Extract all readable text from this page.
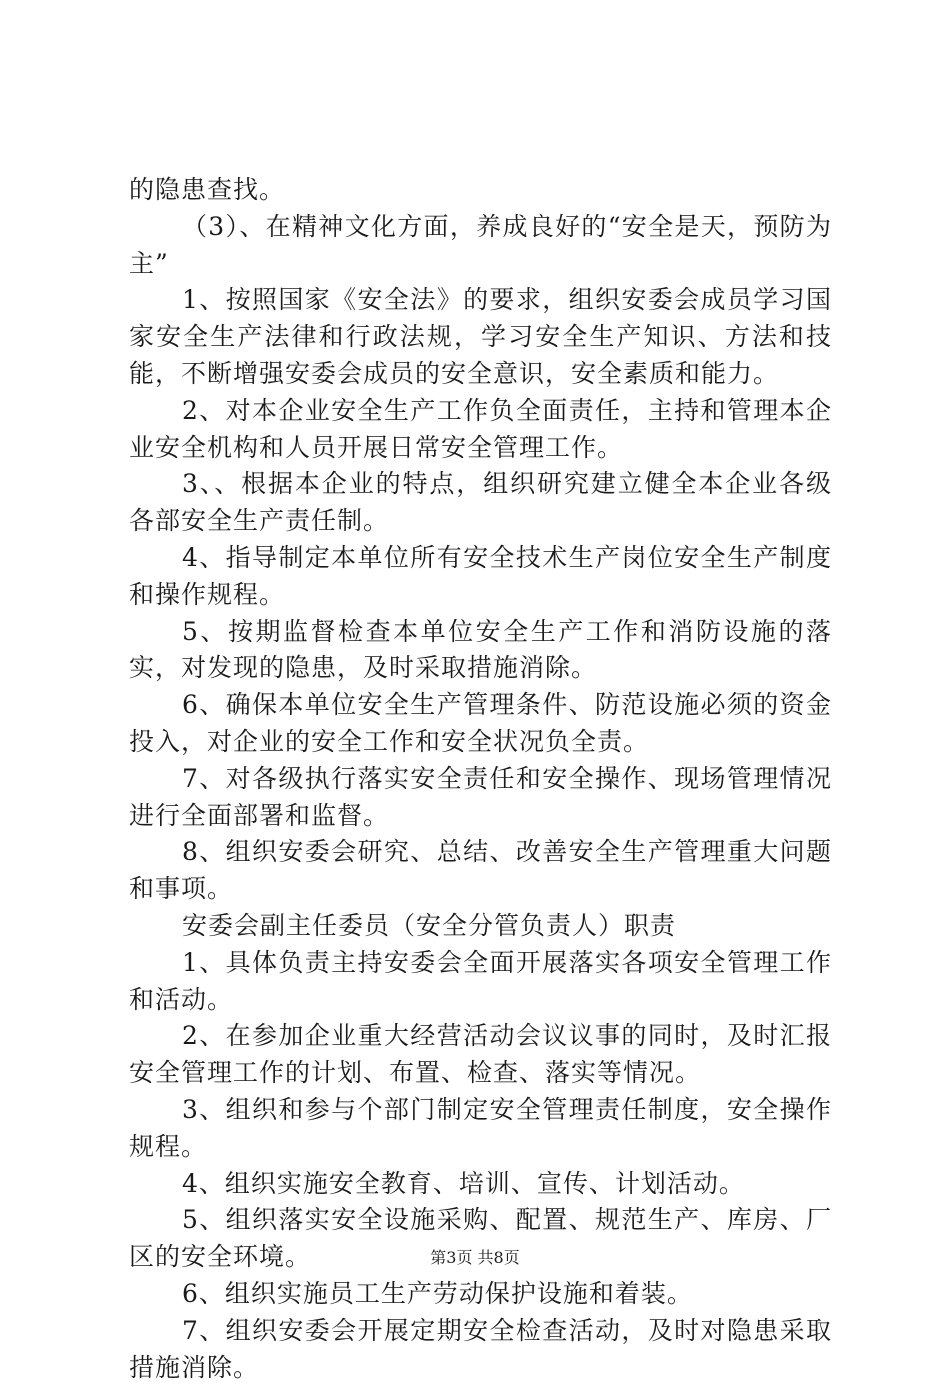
的隐患查找。

（3）、在精神文化方面，养成良好的“安全是天，预防为主”

1、按照国家《安全法》的要求，组织安委会成员学习国家安全生产法律和行政法规，学习安全生产知识、方法和技能，不断增强安委会成员的安全意识，安全素质和能力。

2、对本企业安全生产工作负全面责任，主持和管理本企业安全机构和人员开展日常安全管理工作。

3、、根据本企业的特点，组织研究建立健全本企业各级各部安全生产责任制。

4、指导制定本单位所有安全技术生产岗位安全生产制度和操作规程。

5、按期监督检查本单位安全生产工作和消防设施的落实，对发现的隐患，及时采取措施消除。

6、确保本单位安全生产管理条件、防范设施必须的资金投入，对企业的安全工作和安全状况负全责。

7、对各级执行落实安全责任和安全操作、现场管理情况进行全面部署和监督。

8、组织安委会研究、总结、改善安全生产管理重大问题和事项。

安委会副主任委员（安全分管负责人）职责

1、具体负责主持安委会全面开展落实各项安全管理工作和活动。

2、在参加企业重大经营活动会议议事的同时，及时汇报安全管理工作的计划、布置、检查、落实等情况。

3、组织和参与个部门制定安全管理责任制度，安全操作规程。

4、组织实施安全教育、培训、宣传、计划活动。

5、组织落实安全设施采购、配置、规范生产、库房、厂区的安全环境。

6、组织实施员工生产劳动保护设施和着装。

7、组织安委会开展定期安全检查活动，及时对隐患采取措施消除。

第3页 共8页
